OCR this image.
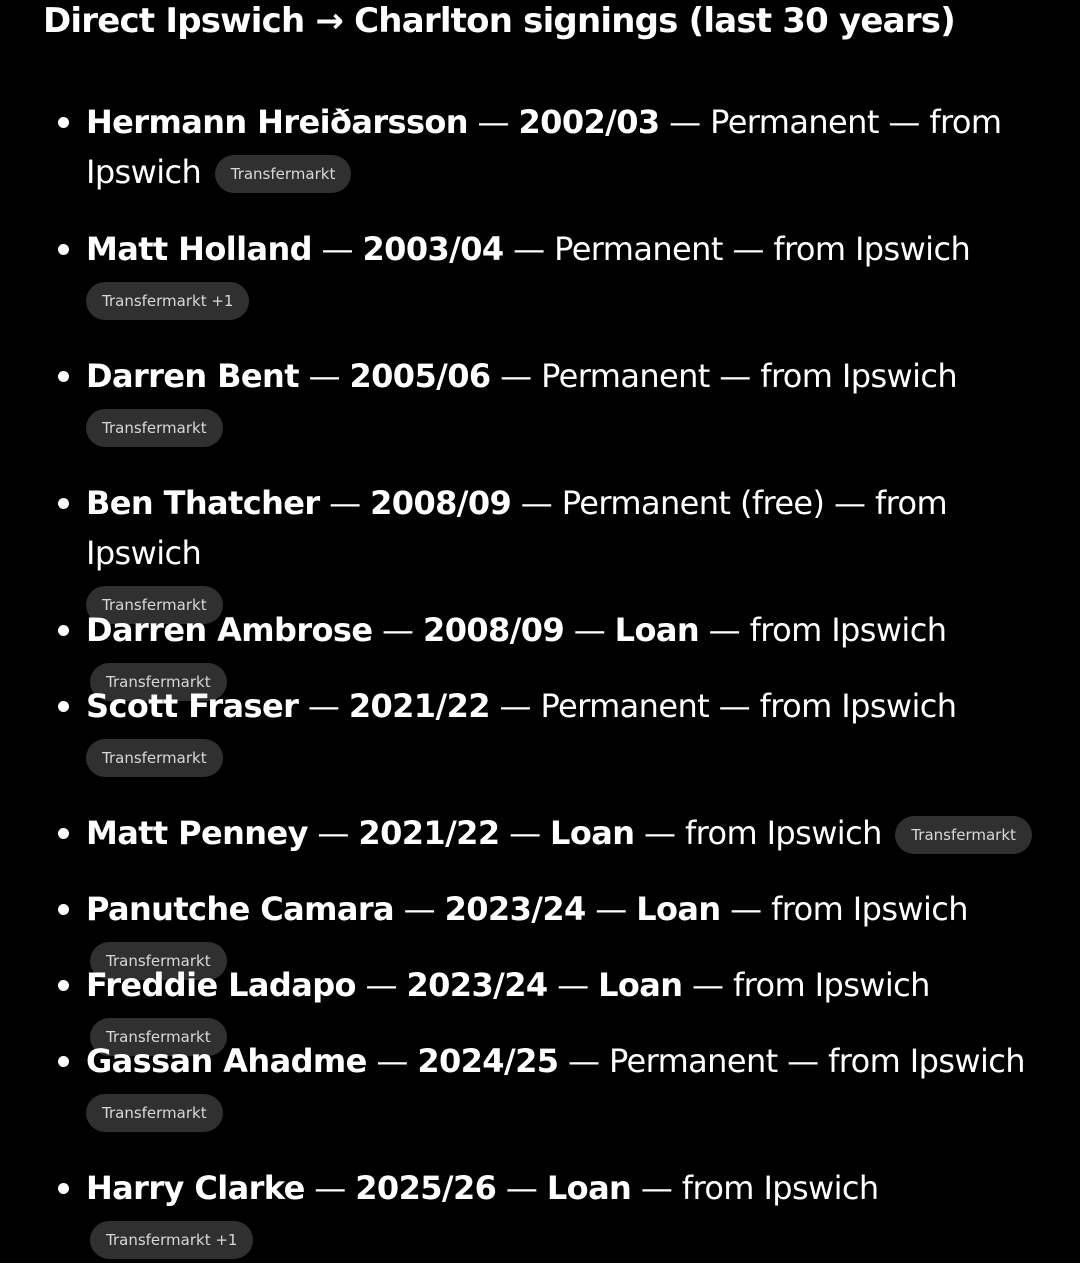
Direct Ipswich → Charlton signings (last 30 years)
Hermann Hreiðarsson — 2002/03 — Permanent — from
Ipswich Transfermarkt
Matt Holland — 2003/04 — Permanent — from Ipswich
Transfermarkt +1
Darren Bent — 2005/06 — Permanent — from Ipswich
Transfermarkt
Ben Thatcher — 2008/09 — Permanent (free) — from Ipswich
Transfermarkt
Darren Ambrose — 2008/09 — Loan — from Ipswich Transfermarkt
Scott Fraser — 2021/22 — Permanent — from Ipswich
Transfermarkt
Matt Penney — 2021/22 — Loan — from Ipswich Transfermarkt
Panutche Camara — 2023/24 — Loan — from Ipswich Transfermarkt
Freddie Ladapo — 2023/24 — Loan — from Ipswich Transfermarkt
Gassan Ahadme — 2024/25 — Permanent — from Ipswich
Transfermarkt
Harry Clarke — 2025/26 — Loan — from Ipswich Transfermarkt +1
